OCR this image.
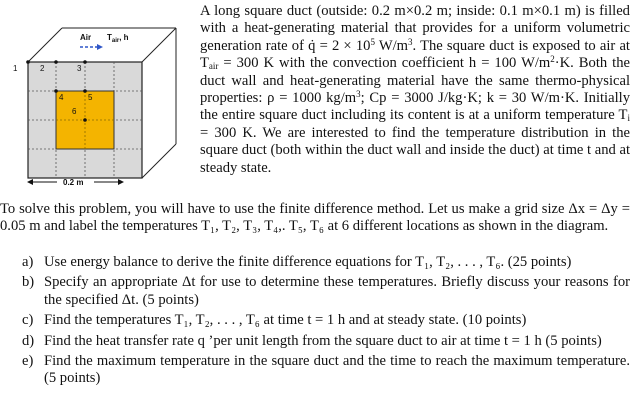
1	2	3
4	5
6
Air $T_{air}$, h
0.2 m

A long square duct (outside: 0.2 m×0.2 m; inside: 0.1 m×0.1 m) is filled with a heat-generating material that provides for a uniform volumetric generation rate of q̇ = $2 \times 10^5$ $W/m^3$. The square duct is exposed to air at $T_{air} = 300$ K with the convection coefficient h = 100 $W/m^2\cdot K$. Both the duct wall and heat-generating material have the same thermo-physical properties: ρ = 1000 $kg/m^3$; Cp = 3000 J/kg·K; k = 30 W/m·K. Initially the entire square duct including its content is at a uniform temperature $T_i = 300$ K. We are interested to find the temperature distribution in the square duct (both within the duct wall and inside the duct) at time t and at steady state.

To solve this problem, you will have to use the finite difference method. Let us make a grid size Δx = Δy = 0.05 m and label the temperatures T₁, T₂, T₃, T₄,. T₅, T₆ at 6 different locations as shown in the diagram.

a) Use energy balance to derive the finite difference equations for T₁, T₂, . . . , T₆. (25 points)
b) Specify an appropriate Δt for use to determine these temperatures. Briefly discuss your reasons for the specified Δt. (5 points)
c) Find the temperatures T₁, T₂, . . . , T₆ at time t = 1 h and at steady state. (10 points)
d) Find the heat transfer rate q ’per unit length from the square duct to air at time t = 1 h (5 points)
e) Find the maximum temperature in the square duct and the time to reach the maximum temperature. (5 points)
